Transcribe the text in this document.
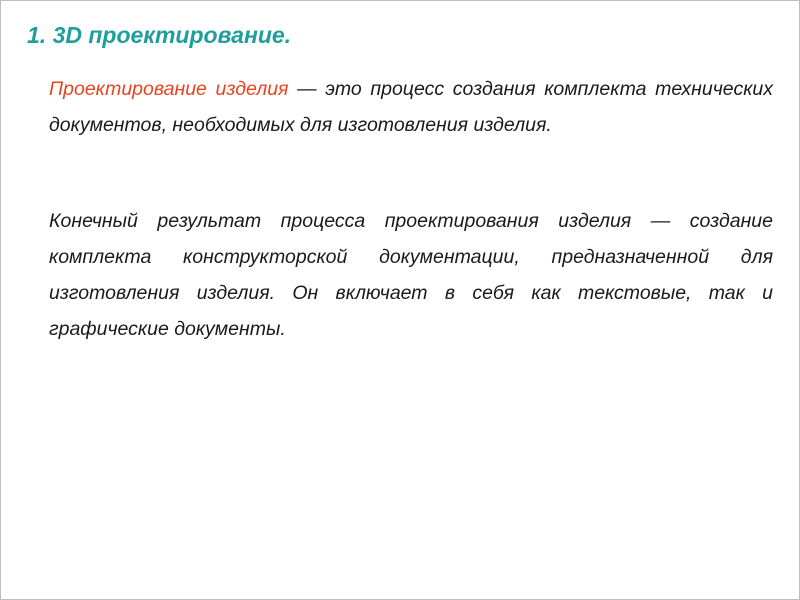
1. 3D проектирование.

Проектирование изделия — это процесс создания комплекта технических документов, необходимых для изготовления изделия.

Конечный результат процесса проектирования изделия — создание комплекта конструкторской документации, предназначенной для изготовления изделия. Он включает в себя как текстовые, так и графические документы.
